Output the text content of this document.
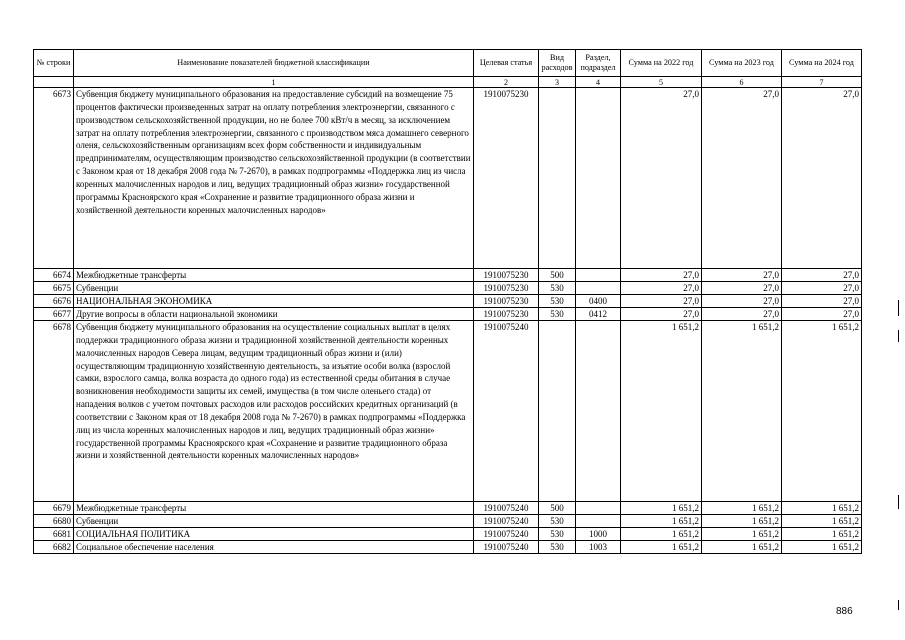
№ строки	Наименование показателей бюджетной классификации	Целевая статья	Вид расходов	Раздел, подраздел	Сумма на 2022 год	Сумма на 2023 год	Сумма на 2024 год
	1	2	3	4	5	6	7
6673	Субвенция бюджету муниципального образования на предоставление субсидий на возмещение 75 процентов фактически произведенных затрат на оплату потребления электроэнергии, связанного с производством сельскохозяйственной продукции, но не более 700 кВт/ч в месяц, за исключением затрат на оплату потребления электроэнергии, связанного с производством мяса домашнего северного оленя, сельскохозяйственным организациям всех форм собственности и индивидуальным предпринимателям, осуществляющим производство сельскохозяйственной продукции (в соответствии с Законом края от 18 декабря 2008 года № 7-2670), в рамках подпрограммы «Поддержка лиц из числа коренных малочисленных народов и лиц, ведущих традиционный образ жизни» государственной программы Красноярского края «Сохранение и развитие традиционного образа жизни и хозяйственной деятельности коренных малочисленных народов»	1910075230			27,0	27,0	27,0
6674	Межбюджетные трансферты	1910075230	500		27,0	27,0	27,0
6675	Субвенции	1910075230	530		27,0	27,0	27,0
6676	НАЦИОНАЛЬНАЯ ЭКОНОМИКА	1910075230	530	0400	27,0	27,0	27,0
6677	Другие вопросы в области национальной экономики	1910075230	530	0412	27,0	27,0	27,0
6678	Субвенция бюджету муниципального образования на осуществление социальных выплат в целях поддержки традиционного образа жизни и традиционной хозяйственной деятельности коренных малочисленных народов Севера лицам, ведущим традиционный образ жизни и (или) осуществляющим традиционную хозяйственную деятельность, за изъятие особи волка (взрослой самки, взрослого самца, волка возраста до одного года) из естественной среды обитания в случае возникновения необходимости защиты их семей, имущества (в том числе оленьего стада) от нападения волков с учетом почтовых расходов или расходов российских кредитных организаций (в соответствии с Законом края от 18 декабря 2008 года № 7-2670) в рамках подпрограммы «Поддержка лиц из числа коренных малочисленных народов и лиц, ведущих традиционный образ жизни» государственной программы Красноярского края «Сохранение и развитие традиционного образа жизни и хозяйственной деятельности коренных малочисленных народов»	1910075240			1 651,2	1 651,2	1 651,2
6679	Межбюджетные трансферты	1910075240	500		1 651,2	1 651,2	1 651,2
6680	Субвенции	1910075240	530		1 651,2	1 651,2	1 651,2
6681	СОЦИАЛЬНАЯ ПОЛИТИКА	1910075240	530	1000	1 651,2	1 651,2	1 651,2
6682	Социальное обеспечение населения	1910075240	530	1003	1 651,2	1 651,2	1 651,2
886
